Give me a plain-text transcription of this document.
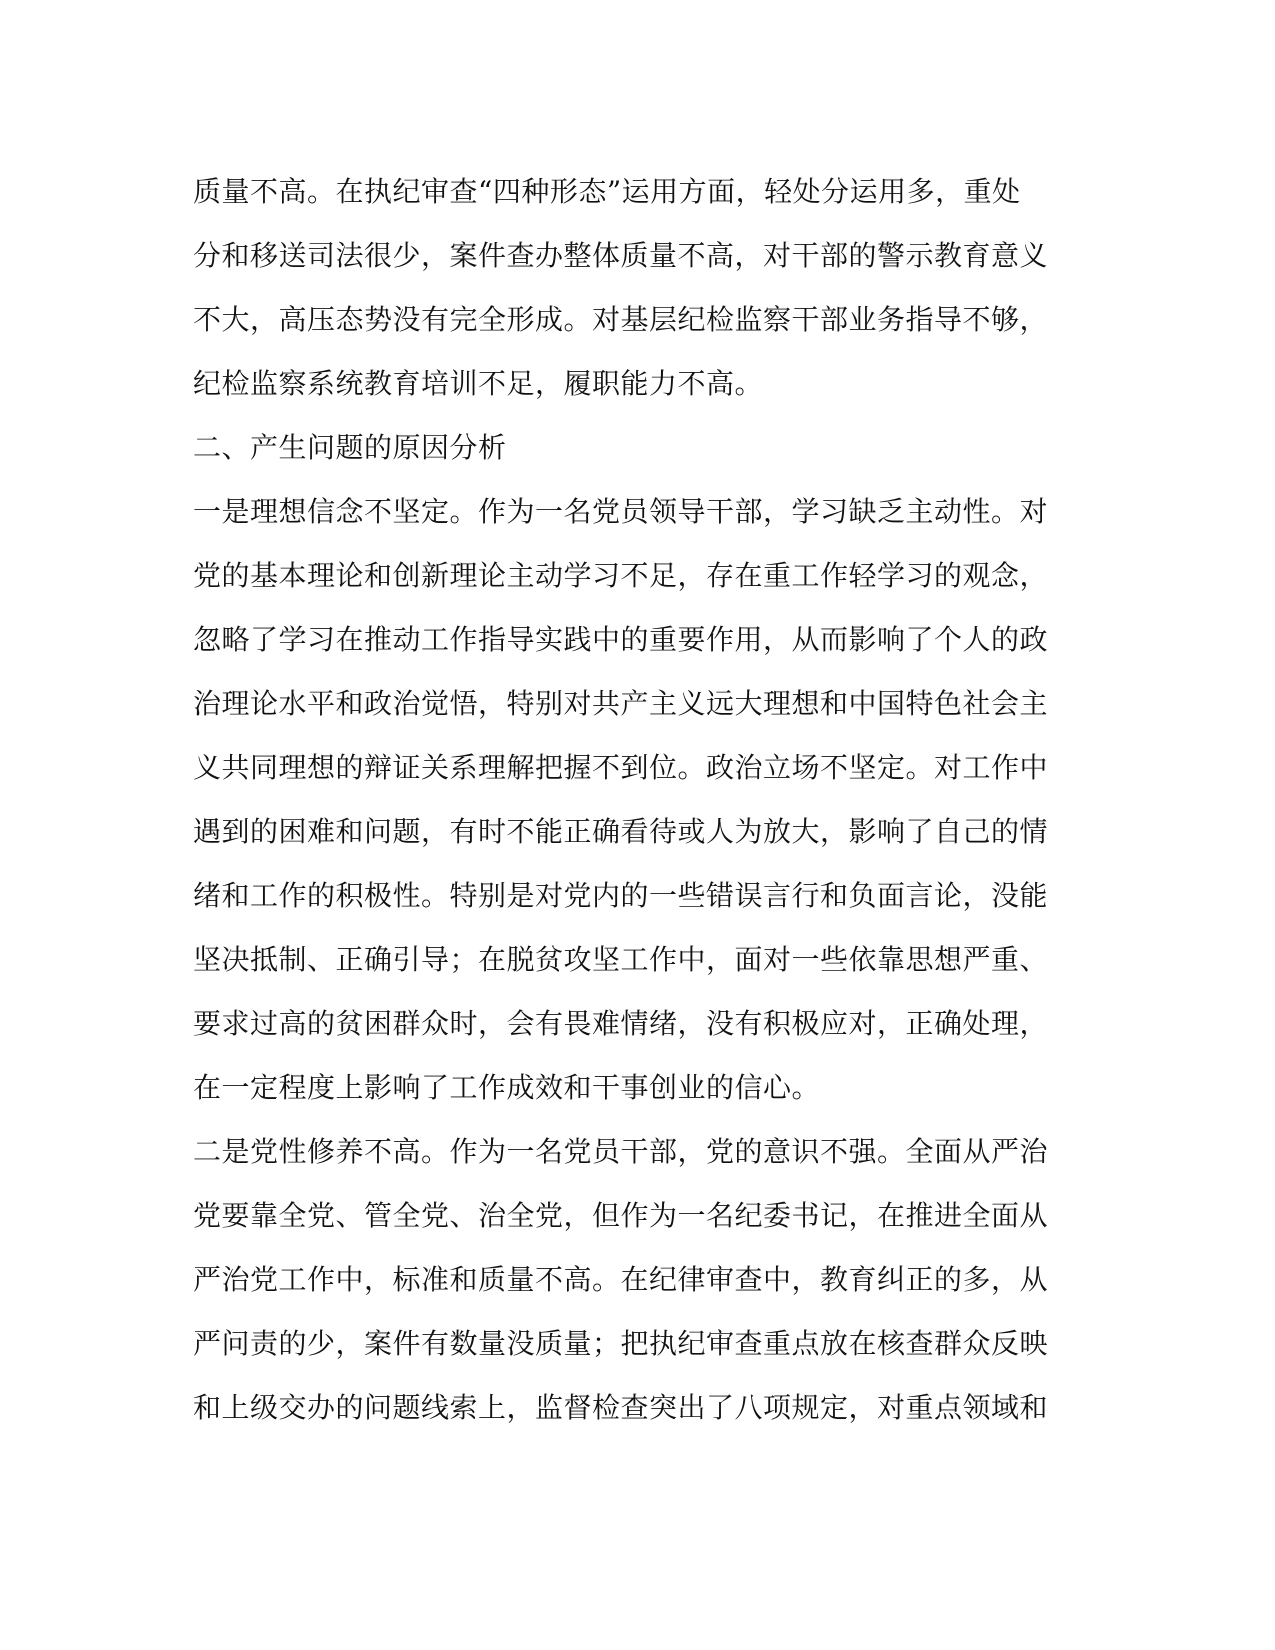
质量不高。在执纪审查“四种形态”运用方面，轻处分运用多，重处
分和移送司法很少，案件查办整体质量不高，对干部的警示教育意义
不大，高压态势没有完全形成。对基层纪检监察干部业务指导不够，
纪检监察系统教育培训不足，履职能力不高。
二、产生问题的原因分析
一是理想信念不坚定。作为一名党员领导干部，学习缺乏主动性。对
党的基本理论和创新理论主动学习不足，存在重工作轻学习的观念，
忽略了学习在推动工作指导实践中的重要作用，从而影响了个人的政
治理论水平和政治觉悟，特别对共产主义远大理想和中国特色社会主
义共同理想的辩证关系理解把握不到位。政治立场不坚定。对工作中
遇到的困难和问题，有时不能正确看待或人为放大，影响了自己的情
绪和工作的积极性。特别是对党内的一些错误言行和负面言论，没能
坚决抵制、正确引导；在脱贫攻坚工作中，面对一些依靠思想严重、
要求过高的贫困群众时，会有畏难情绪，没有积极应对，正确处理，
在一定程度上影响了工作成效和干事创业的信心。
二是党性修养不高。作为一名党员干部，党的意识不强。全面从严治
党要靠全党、管全党、治全党，但作为一名纪委书记，在推进全面从
严治党工作中，标准和质量不高。在纪律审查中，教育纠正的多，从
严问责的少，案件有数量没质量；把执纪审查重点放在核查群众反映
和上级交办的问题线索上，监督检查突出了八项规定，对重点领域和
